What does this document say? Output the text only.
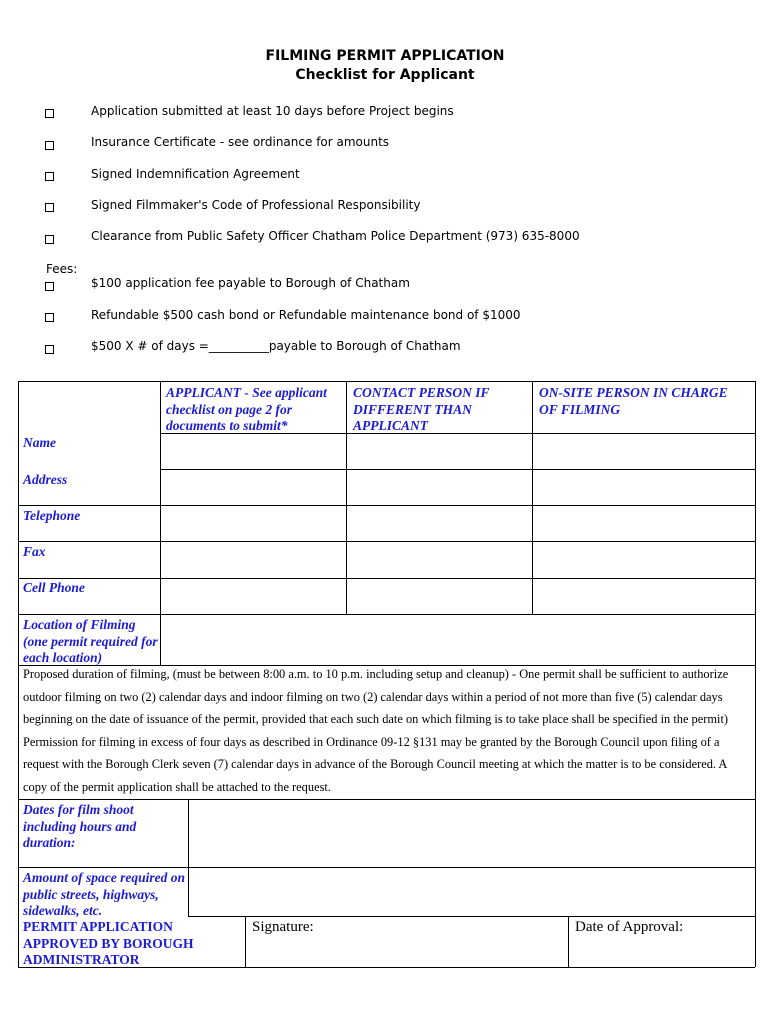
FILMING PERMIT APPLICATION
Checklist for Applicant
Application submitted at least 10 days before Project begins
Insurance Certificate - see ordinance for amounts
Signed Indemnification Agreement
Signed Filmmaker's Code of Professional Responsibility
Clearance from Public Safety Officer Chatham Police Department (973) 635-8000
Fees:
$100 application fee payable to Borough of Chatham
Refundable $500 cash bond or Refundable maintenance bond of $1000
$500 X # of days =__________payable to Borough of Chatham
APPLICANT - See applicant checklist on page 2 for documents to submit*
CONTACT PERSON IF DIFFERENT THAN APPLICANT
ON-SITE PERSON IN CHARGE OF FILMING
Name
Address
Telephone
Fax
Cell Phone
Location of Filming (one permit required for each location)
Proposed duration of filming, (must be between 8:00 a.m. to 10 p.m. including setup and cleanup) - One permit shall be sufficient to authorize
outdoor filming on two (2) calendar days and indoor filming on two (2) calendar days within a period of not more than five (5) calendar days
beginning on the date of issuance of the permit, provided that each such date on which filming is to take place shall be specified in the permit)
Permission for filming in excess of four days as described in Ordinance 09-12 §131 may be granted by the Borough Council upon filing of a
request with the Borough Clerk seven (7) calendar days in advance of the Borough Council meeting at which the matter is to be considered. A
copy of the permit application shall be attached to the request.
Dates for film shoot including hours and duration:
Amount of space required on public streets, highways, sidewalks, etc.
PERMIT APPLICATION APPROVED BY BOROUGH ADMINISTRATOR
Signature:	Date of Approval:
